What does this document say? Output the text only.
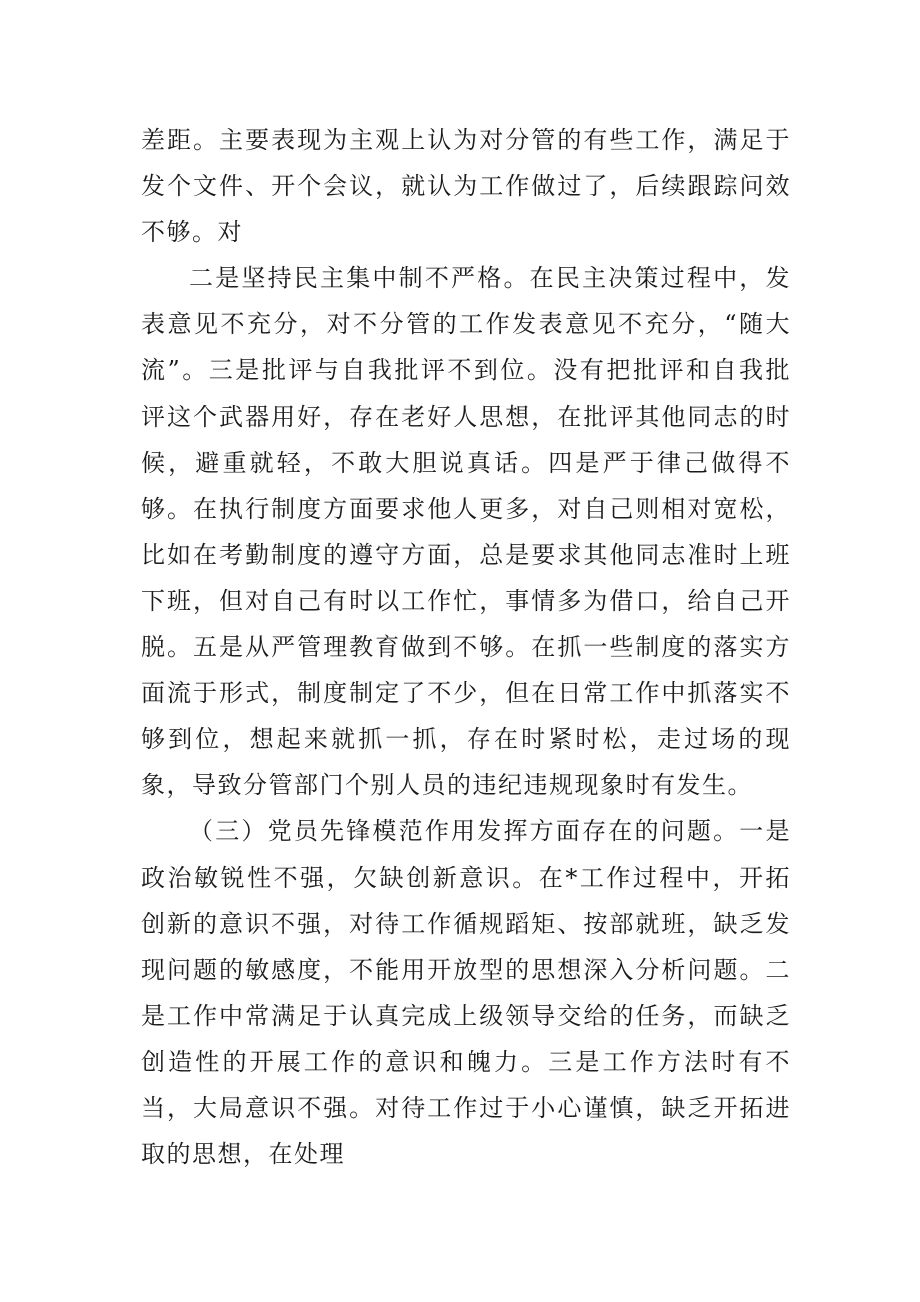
差距。主要表现为主观上认为对分管的有些工作，满足于发个文件、开个会议，就认为工作做过了，后续跟踪问效不够。对

二是坚持民主集中制不严格。在民主决策过程中，发表意见不充分，对不分管的工作发表意见不充分，“随大流”。三是批评与自我批评不到位。没有把批评和自我批评这个武器用好，存在老好人思想，在批评其他同志的时候，避重就轻，不敢大胆说真话。四是严于律己做得不够。在执行制度方面要求他人更多，对自己则相对宽松，比如在考勤制度的遵守方面，总是要求其他同志准时上班下班，但对自己有时以工作忙，事情多为借口，给自己开脱。五是从严管理教育做到不够。在抓一些制度的落实方面流于形式，制度制定了不少，但在日常工作中抓落实不够到位，想起来就抓一抓，存在时紧时松，走过场的现象，导致分管部门个别人员的违纪违规现象时有发生。

（三）党员先锋模范作用发挥方面存在的问题。一是政治敏锐性不强，欠缺创新意识。在*工作过程中，开拓创新的意识不强，对待工作循规蹈矩、按部就班，缺乏发现问题的敏感度，不能用开放型的思想深入分析问题。二是工作中常满足于认真完成上级领导交给的任务，而缺乏创造性的开展工作的意识和魄力。三是工作方法时有不当，大局意识不强。对待工作过于小心谨慎，缺乏开拓进取的思想，在处理
